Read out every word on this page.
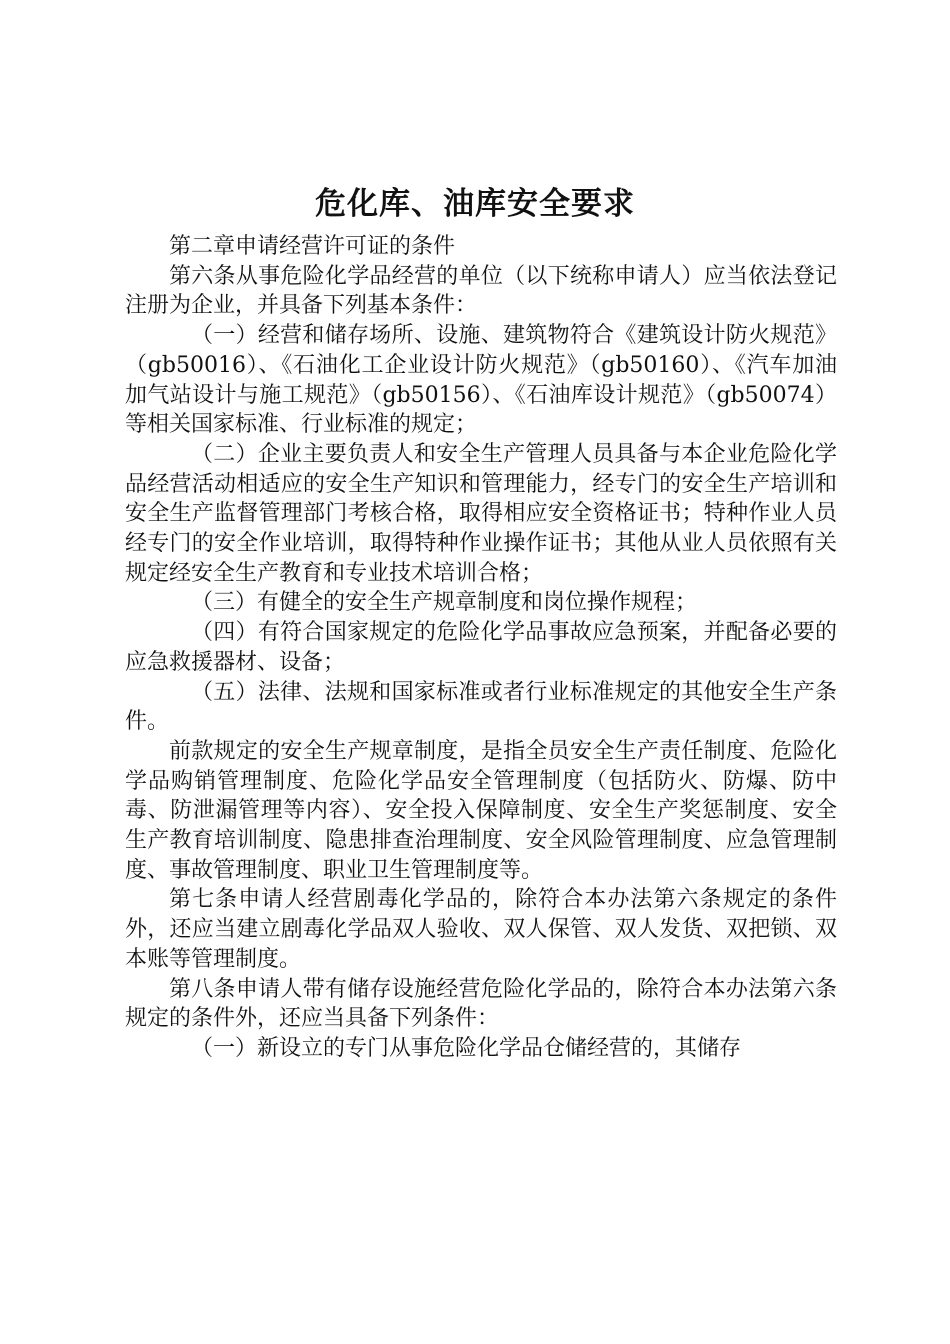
危化库、油库安全要求

第二章申请经营许可证的条件

第六条从事危险化学品经营的单位（以下统称申请人）应当依法登记注册为企业，并具备下列基本条件：

（一）经营和储存场所、设施、建筑物符合《建筑设计防火规范》（gb50016）、《石油化工企业设计防火规范》（gb50160）、《汽车加油加气站设计与施工规范》（gb50156）、《石油库设计规范》（gb50074）等相关国家标准、行业标准的规定；

（二）企业主要负责人和安全生产管理人员具备与本企业危险化学品经营活动相适应的安全生产知识和管理能力，经专门的安全生产培训和安全生产监督管理部门考核合格，取得相应安全资格证书；特种作业人员经专门的安全作业培训，取得特种作业操作证书；其他从业人员依照有关规定经安全生产教育和专业技术培训合格；

（三）有健全的安全生产规章制度和岗位操作规程；

（四）有符合国家规定的危险化学品事故应急预案，并配备必要的应急救援器材、设备；

（五）法律、法规和国家标准或者行业标准规定的其他安全生产条件。

前款规定的安全生产规章制度，是指全员安全生产责任制度、危险化学品购销管理制度、危险化学品安全管理制度（包括防火、防爆、防中毒、防泄漏管理等内容）、安全投入保障制度、安全生产奖惩制度、安全生产教育培训制度、隐患排查治理制度、安全风险管理制度、应急管理制度、事故管理制度、职业卫生管理制度等。

第七条申请人经营剧毒化学品的，除符合本办法第六条规定的条件外，还应当建立剧毒化学品双人验收、双人保管、双人发货、双把锁、双本账等管理制度。

第八条申请人带有储存设施经营危险化学品的，除符合本办法第六条规定的条件外，还应当具备下列条件：

（一）新设立的专门从事危险化学品仓储经营的，其储存
